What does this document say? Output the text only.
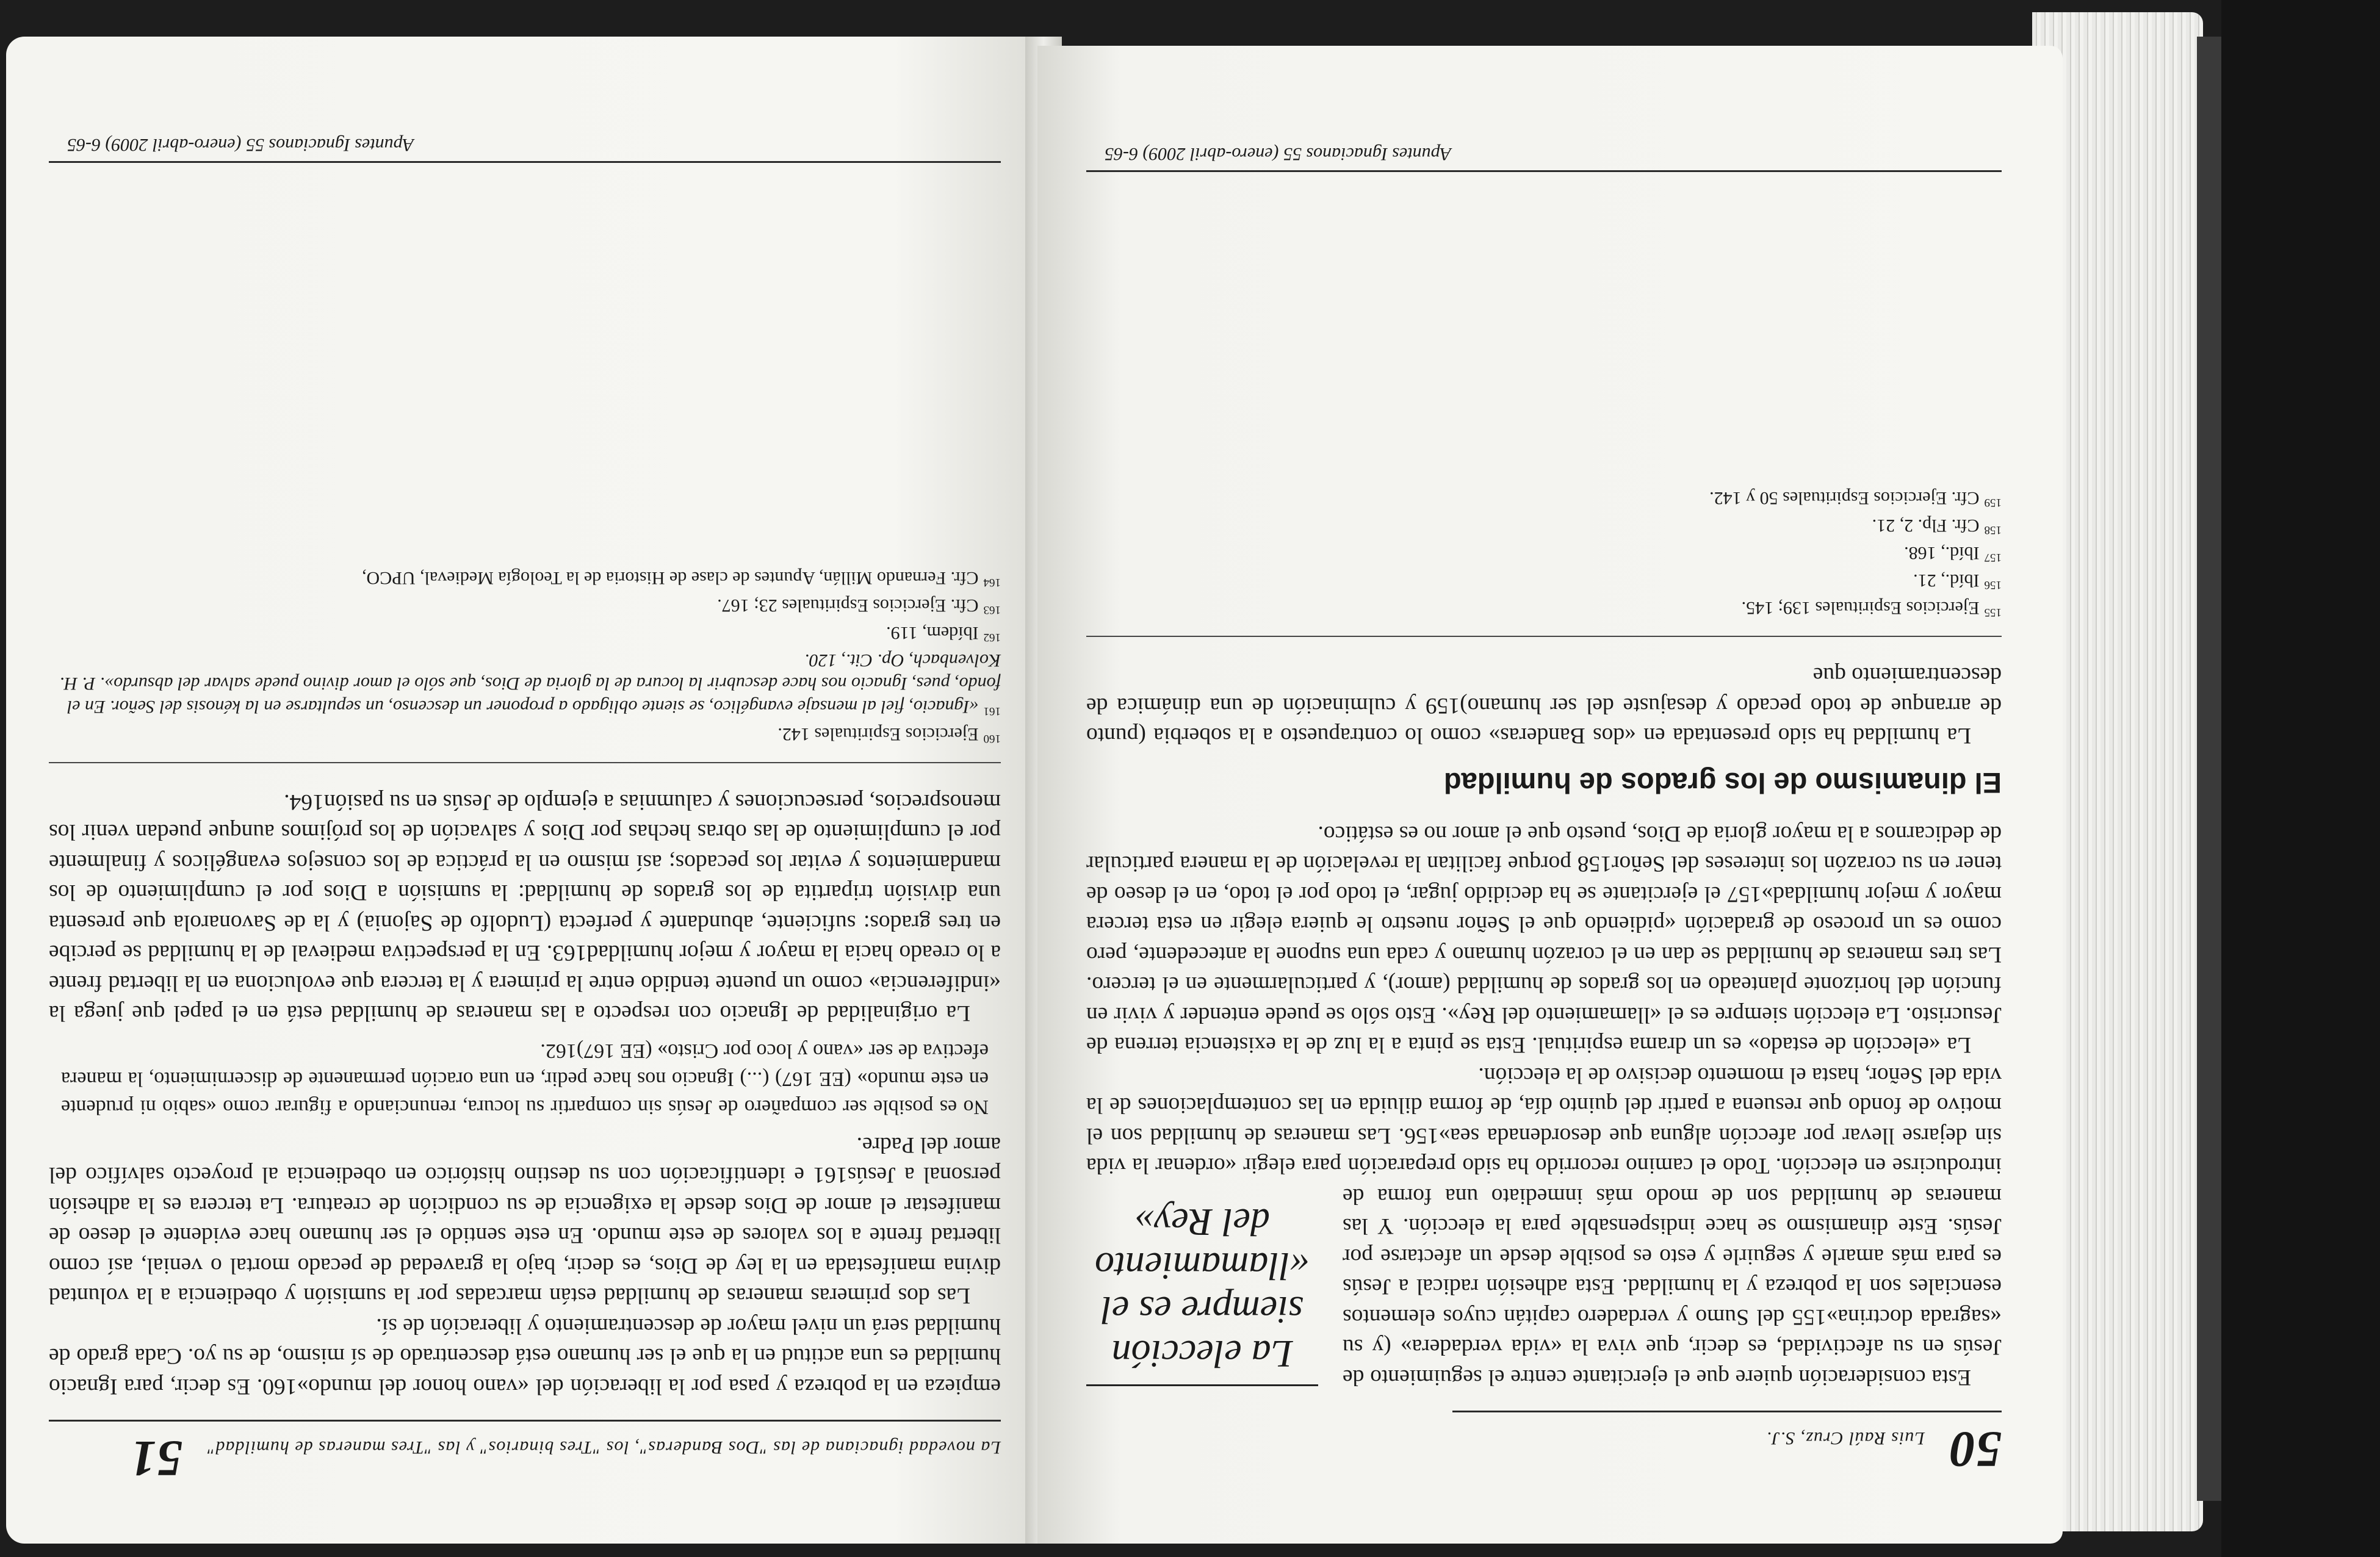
La novedad ignaciana de las "Dos Banderas", los "Tres binarios" y las "Tres maneras de humildad"
51

empieza en la pobreza y pasa por la liberación del «vano honor del mundo»160. Es decir, para Ignacio humildad es una actitud en la que el ser humano está descentrado de sí mismo, de su yo. Cada grado de humildad será un nivel mayor de descentramiento y liberación de sí.

Las dos primeras maneras de humildad están marcadas por la sumisión y obediencia a la voluntad divina manifestada en la ley de Dios, es decir, bajo la gravedad de pecado mortal o venial, así como libertad frente a los valores de este mundo. En este sentido el ser humano hace evidente el deseo de manifestar el amor de Dios desde la exigencia de su condición de creatura. La tercera es la adhesión personal a Jesús161 e identificación con su destino histórico en obediencia al proyecto salvífico del amor del Padre.

No es posible ser compañero de Jesús sin compartir su locura, renunciando a figurar como «sabio ni prudente en este mundo» (EE 167) (...) Ignacio nos hace pedir, en una oración permanente de discernimiento, la manera efectiva de ser «vano y loco por Cristo» (EE 167)162.

La originalidad de Ignacio con respecto a las maneras de humildad está en el papel que juega la «indiferencia» como un puente tendido entre la primera y la tercera que evoluciona en la libertad frente a lo creado hacia la mayor y mejor humildad163. En la perspectiva medieval de la humildad se percibe en tres grados: suficiente, abundante y perfecta (Ludolfo de Sajonia) y la de Savonarola que presenta una división tripartita de los grados de humildad: la sumisión a Dios por el cumplimiento de los mandamientos y evitar los pecados; así mismo en la práctica de los consejos evangélicos y finalmente por el cumplimiento de las obras hechas por Dios y salvación de los prójimos aunque puedan venir los menosprecios, persecuciones y calumnias a ejemplo de Jesús en su pasión164.

$^{160}$Ejercicios Espirituales 142.
$^{161}$«Ignacio, fiel al mensaje evangélico, se siente obligado a proponer un descenso, un sepultarse en la kénosis del Señor. En el fondo, pues, Ignacio nos hace descubrir la locura de la gloria de Dios, que sólo el amor divino puede salvar del absurdo». P. H. Kolvenbach, Op. Cit., 120.
$^{162}$Ibídem, 119.
$^{163}$Cfr. Ejercicios Espirituales 23; 167.
$^{164}$Cfr. Fernando Millán, Apuntes de clase de Historia de la Teología Medieval, UPCO,
Apuntes Ignacianos 55 (enero-abril 2009) 6-65
50
Luis Raúl Cruz, S.J.
La elección siempre es el «llamamiento del Rey»

Esta consideración quiere que el ejercitante centre el seguimiento de Jesús en su afectividad, es decir, que viva la «vida verdadera» (y su «sagrada doctrina»155 del Sumo y verdadero capitán cuyos elementos esenciales son la pobreza y la humildad. Esta adhesión radical a Jesús es para más amarle y seguirle y esto es posible desde un afectarse por Jesús. Este dinamismo se hace indispensable para la elección. Y las maneras de humildad son de modo más inmediato una forma de introducirse en elección. Todo el camino recorrido ha sido preparación para elegir «ordenar la vida sin dejarse llevar por afección alguna que desordenada sea»156. Las maneras de humildad son el motivo de fondo que resuena a partir del quinto día, de forma diluida en las contemplaciones de la vida del Señor, hasta el momento decisivo de la elección.

La «elección de estado» es un drama espiritual. Esta se pinta a la luz de la existencia terrena de Jesucristo. La elección siempre es el «llamamiento del Rey». Esto sólo se puede entender y vivir en función del horizonte planteado en los grados de humildad (amor), y particularmente en el tercero. Las tres maneras de humildad se dan en el corazón humano y cada una supone la antecedente, pero como es un proceso de gradación «pidiendo que el Señor nuestro le quiera elegir en esta tercera mayor y mejor humildad»157 el ejercitante se ha decidido jugar, el todo por el todo, en el deseo de tener en su corazón los intereses del Señor158 porque facilitan la revelación de la manera particular de dedicarnos a la mayor gloria de Dios, puesto que el amor no es estático.

El dinamismo de los grados de humildad

La humildad ha sido presentada en «dos Banderas» como lo contrapuesto a la soberbia (punto de arranque de todo pecado y desajuste del ser humano)159 y culminación de una dinámica de descentramiento que

$^{155}$Ejercicios Espirituales 139; 145.
$^{156}$Ibíd., 21.
$^{157}$Ibíd., 168.
$^{158}$Cfr. Flp. 2, 21.
$^{159}$Cfr. Ejercicios Espirituales 50 y 142.
Apuntes Ignacianos 55 (enero-abril 2009) 6-65
